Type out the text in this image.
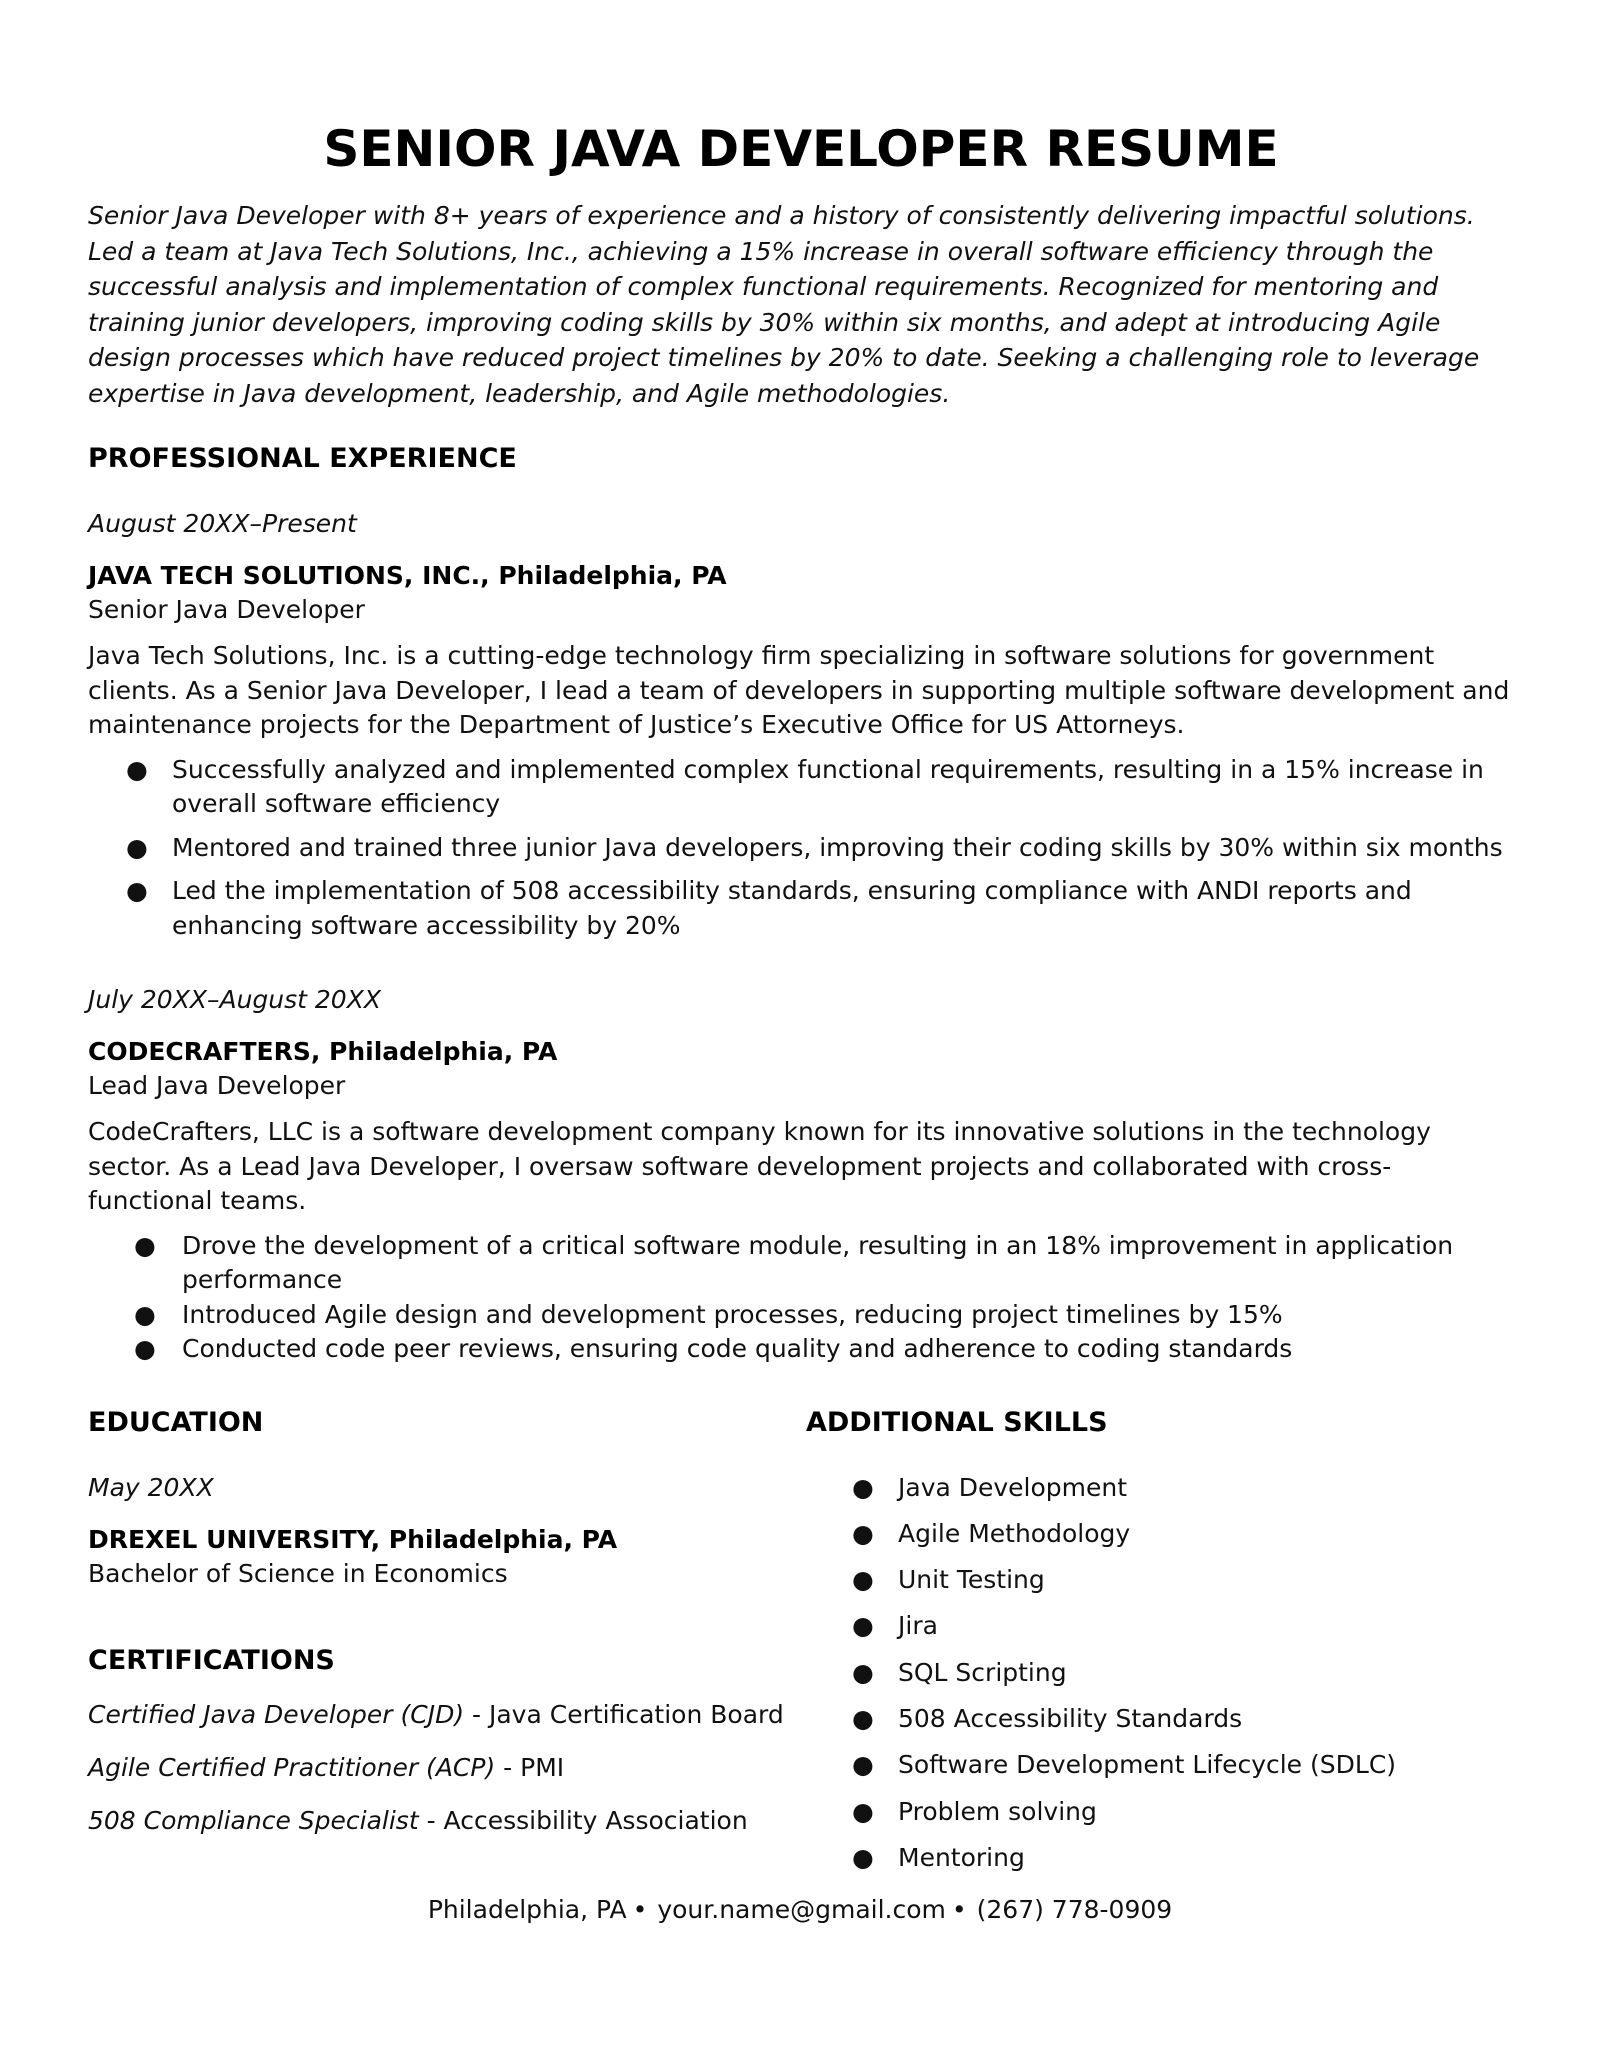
SENIOR JAVA DEVELOPER RESUME

Senior Java Developer with 8+ years of experience and a history of consistently delivering impactful solutions. Led a team at Java Tech Solutions, Inc., achieving a 15% increase in overall software efficiency through the successful analysis and implementation of complex functional requirements. Recognized for mentoring and training junior developers, improving coding skills by 30% within six months, and adept at introducing Agile design processes which have reduced project timelines by 20% to date. Seeking a challenging role to leverage expertise in Java development, leadership, and Agile methodologies.

PROFESSIONAL EXPERIENCE
August 20XX–Present
JAVA TECH SOLUTIONS, INC., Philadelphia, PA
Senior Java Developer
Java Tech Solutions, Inc. is a cutting-edge technology firm specializing in software solutions for government clients. As a Senior Java Developer, I lead a team of developers in supporting multiple software development and maintenance projects for the Department of Justice’s Executive Office for US Attorneys.
● Successfully analyzed and implemented complex functional requirements, resulting in a 15% increase in overall software efficiency
● Mentored and trained three junior Java developers, improving their coding skills by 30% within six months
● Led the implementation of 508 accessibility standards, ensuring compliance with ANDI reports and enhancing software accessibility by 20%
July 20XX–August 20XX
CODECRAFTERS, Philadelphia, PA
Lead Java Developer
CodeCrafters, LLC is a software development company known for its innovative solutions in the technology sector. As a Lead Java Developer, I oversaw software development projects and collaborated with cross-functional teams.
● Drove the development of a critical software module, resulting in an 18% improvement in application performance
● Introduced Agile design and development processes, reducing project timelines by 15%
● Conducted code peer reviews, ensuring code quality and adherence to coding standards
EDUCATION
May 20XX
DREXEL UNIVERSITY, Philadelphia, PA
Bachelor of Science in Economics
CERTIFICATIONS
Certified Java Developer (CJD) - Java Certification Board
Agile Certified Practitioner (ACP) - PMI
508 Compliance Specialist - Accessibility Association
ADDITIONAL SKILLS
● Java Development
● Agile Methodology
● Unit Testing
● Jira
● SQL Scripting
● 508 Accessibility Standards
● Software Development Lifecycle (SDLC)
● Problem solving
● Mentoring
Philadelphia, PA • your.name@gmail.com • (267) 778-0909
